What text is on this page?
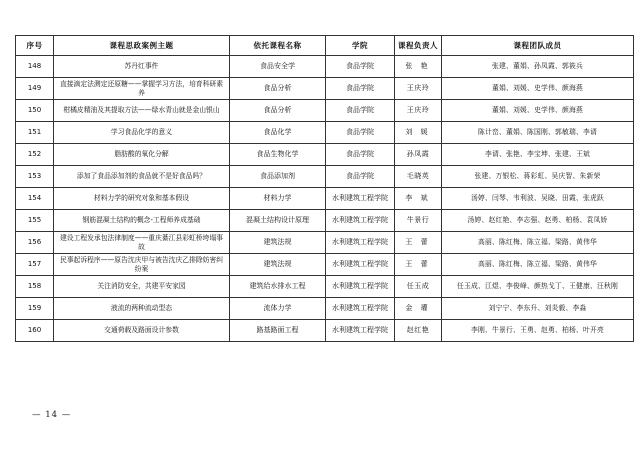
序号	课程思政案例主题	依托课程名称	学院	课程负责人	课程团队成员
148	苏丹红事件	食品安全学	食品学院	张 艳	张建、董娟、孙凤霞、郭筱兵
149	直接滴定法测定还原糖——掌握学习方法，培育科研素养	食品分析	食品学院	王庆玲	董娟、刘媛、史学伟、颜海燕
150	柑橘皮精油及其提取方法——绿水青山就是金山银山	食品分析	食品学院	王庆玲	董娟、刘媛、史学伟、颜海燕
151	学习食品化学的意义	食品化学	食品学院	刘 媛	陈计峦、董娟、陈国刚、郭敏瑞、李谞
152	脂肪酸的氧化分解	食品生物化学	食品学院	孙凤霞	李谞、张艳、李宝坤、张建、王斌
153	添加了食品添加剂的食品就不是好食品吗？	食品添加剂	食品学院	毛晓英	张建、万银松、蒋彩虹、吴庆智、朱新荣
154	材料力学的研究对象和基本假设	材料力学	水利建筑工程学院	李 斌	汤婷、闫琴、韦利波、吴晓、田霞、张虎跃
155	钢筋混凝土结构的概念-工程师养成基础	混凝土结构设计原理	水利建筑工程学院	牛景行	汤婷、赵红艳、李志强、赵勇、柏杨、袁凤娇
156	建设工程发承包法律制度——重庆綦江县彩虹桥垮塌事故	建筑法规	水利建筑工程学院	王 蕾	高丽、陈红梅、陈立福、梁路、黄伟华
157	民事起诉程序——原告沈庆甲与被告沈庆乙排除妨害纠纷案	建筑法规	水利建筑工程学院	王 蕾	高丽、陈红梅、陈立福、梁路、黄伟华
158	关注消防安全，共建平安家园	建筑给水排水工程	水利建筑工程学院	任玉成	任玉成、江煜、李俊峰、颜热戈丁、王健康、汪秋刚
159	液流的两种流动型态	流体力学	水利建筑工程学院	金 瓘	刘宁宁、李东升、刘炎毅、李淼
160	交通荷载及路面设计参数	路基路面工程	水利建筑工程学院	赵红艳	李刚、牛景行、王勇、赵勇、柏杨、叶开亮
— 14 —
